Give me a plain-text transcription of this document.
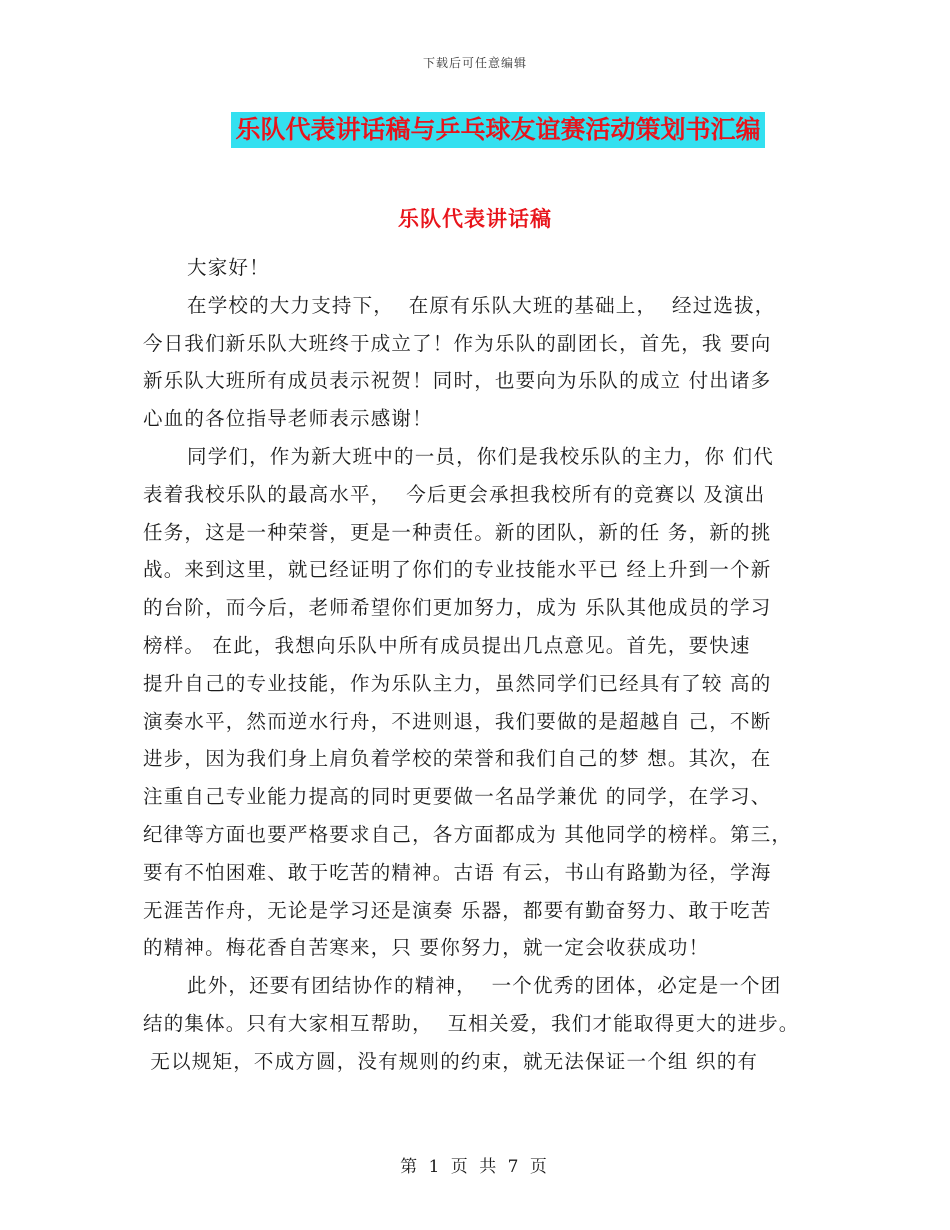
下载后可任意编辑
乐队代表讲话稿与乒乓球友谊赛活动策划书汇编
乐队代表讲话稿
大家好！
在学校的大力支持下，  在原有乐队大班的基础上，  经过选拔，
今日我们新乐队大班终于成立了！作为乐队的副团长，首先，我 要向
新乐队大班所有成员表示祝贺！同时，也要向为乐队的成立 付出诸多
心血的各位指导老师表示感谢！
同学们，作为新大班中的一员，你们是我校乐队的主力，你 们代
表着我校乐队的最高水平，  今后更会承担我校所有的竞赛以 及演出
任务，这是一种荣誉，更是一种责任。新的团队，新的任 务，新的挑
战。来到这里，就已经证明了你们的专业技能水平已 经上升到一个新
的台阶，而今后，老师希望你们更加努力，成为 乐队其他成员的学习
榜样。 在此，我想向乐队中所有成员提出几点意见。首先，要快速
提升自己的专业技能，作为乐队主力，虽然同学们已经具有了较 高的
演奏水平，然而逆水行舟，不进则退，我们要做的是超越自 己，不断
进步，因为我们身上肩负着学校的荣誉和我们自己的梦 想。其次，在
注重自己专业能力提高的同时更要做一名品学兼优 的同学，在学习、
纪律等方面也要严格要求自己，各方面都成为 其他同学的榜样。第三，
要有不怕困难、敢于吃苦的精神。古语 有云，书山有路勤为径，学海
无涯苦作舟，无论是学习还是演奏 乐器，都要有勤奋努力、敢于吃苦
的精神。梅花香自苦寒来，只 要你努力，就一定会收获成功！
此外，还要有团结协作的精神，  一个优秀的团体，必定是一个团
结的集体。只有大家相互帮助，  互相关爱，我们才能取得更大的进步。
无以规矩，不成方圆，没有规则的约束，就无法保证一个组 织的有
第 1 页 共 7 页
